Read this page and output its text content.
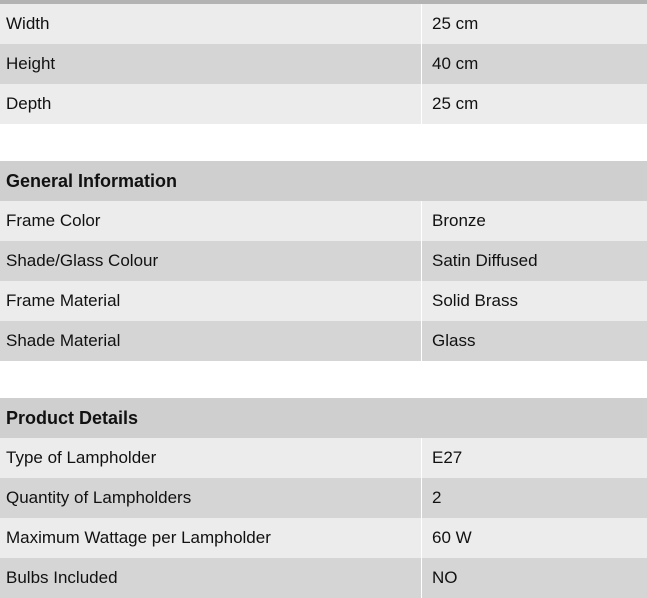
Width	25 cm
Height	40 cm
Depth	25 cm
General Information
Frame Color	Bronze
Shade/Glass Colour	Satin Diffused
Frame Material	Solid Brass
Shade Material	Glass
Product Details
Type of Lampholder	E27
Quantity of Lampholders	2
Maximum Wattage per Lampholder	60 W
Bulbs Included	NO
